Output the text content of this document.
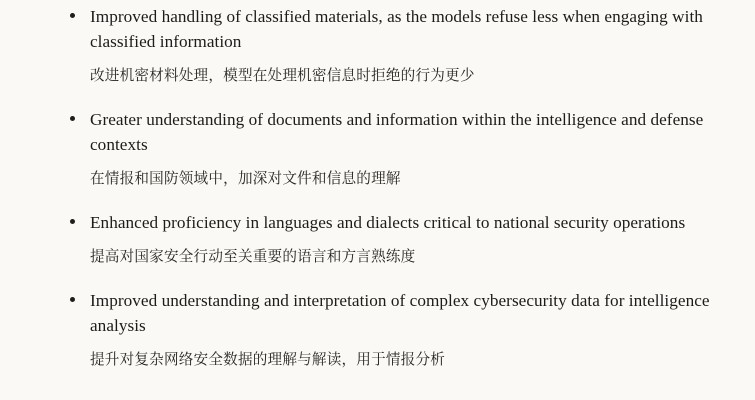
Improved handling of classified materials, as the models refuse less when engaging with classified information
改进机密材料处理，模型在处理机密信息时拒绝的行为更少
Greater understanding of documents and information within the intelligence and defense contexts
在情报和国防领域中，加深对文件和信息的理解
Enhanced proficiency in languages and dialects critical to national security operations
提高对国家安全行动至关重要的语言和方言熟练度
Improved understanding and interpretation of complex cybersecurity data for intelligence analysis
提升对复杂网络安全数据的理解与解读，用于情报分析
